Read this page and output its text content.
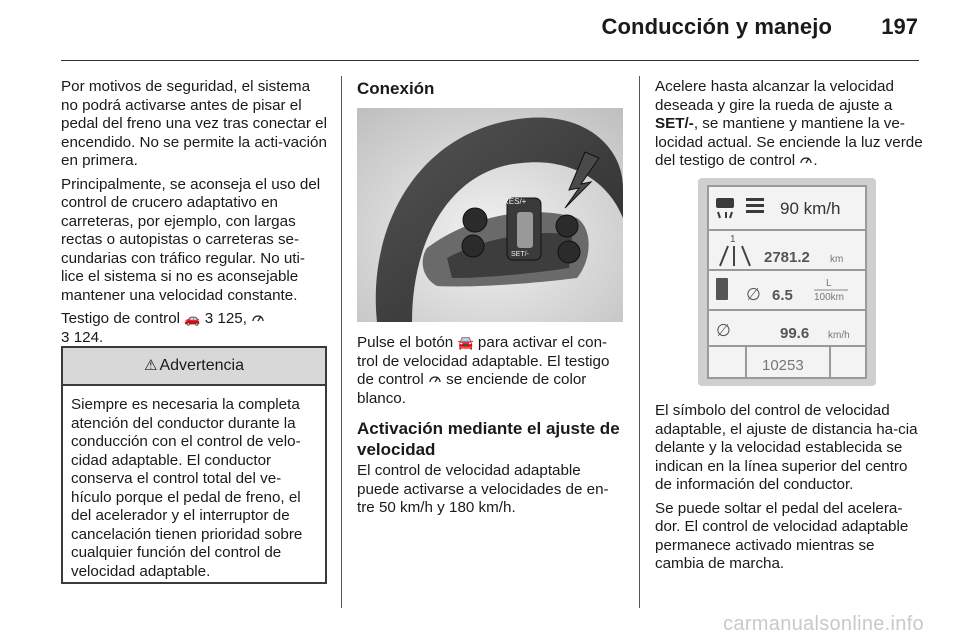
Conducción y manejo 197

Por motivos de seguridad, el sistema no podrá activarse antes de pisar el pedal del freno una vez tras conectar el encendido. No se permite la acti-vación en primera.

Principalmente, se aconseja el uso del control de crucero adaptativo en carreteras, por ejemplo, con largas rectas o autopistas o carreteras se-cundarias con tráfico regular. No uti-lice el sistema si no es aconsejable mantener una velocidad constante.

Testigo de control 🚗 3 125,
3 124.

⚠ Advertencia
Siempre es necesaria la completa atención del conductor durante la conducción con el control de velo-cidad adaptable. El conductor conserva el control total del ve-hículo porque el pedal de freno, el del acelerador y el interruptor de cancelación tienen prioridad sobre cualquier función del control de velocidad adaptable.
Conexión
RES/+
SET/-

Pulse el botón 🚘 para activar el con-trol de velocidad adaptable. El testigo de control se enciende de color blanco.

Activación mediante el ajuste de velocidad

El control de velocidad adaptable puede activarse a velocidades de en-tre 50 km/h y 180 km/h.

Acelere hasta alcanzar la velocidad deseada y gire la rueda de ajuste a SET/-, se mantiene y mantiene la ve-locidad actual. Se enciende la luz verde del testigo de control .

90 km/h
1
2781.2 km
∅ 6.5
L
100km
∅	99.6 km/h
10253

El símbolo del control de velocidad adaptable, el ajuste de distancia ha-cia delante y la velocidad establecida se indican en la línea superior del centro de información del conductor.

Se puede soltar el pedal del acelera-dor. El control de velocidad adaptable permanece activado mientras se cambia de marcha.

carmanualsonline.info
